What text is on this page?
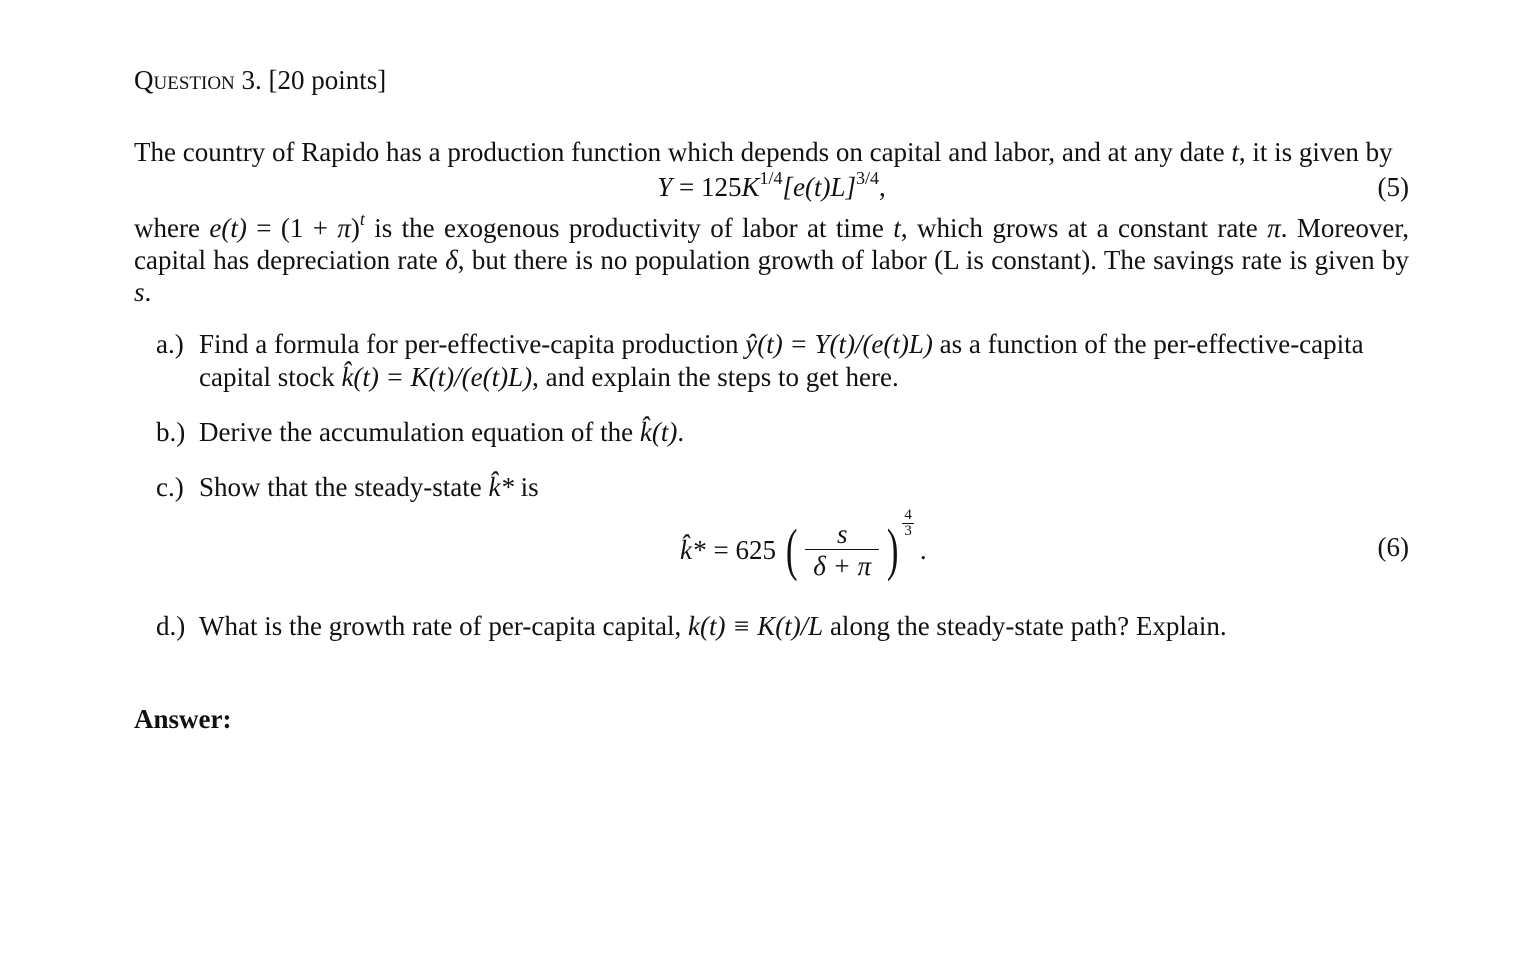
Question 3. [20 points]

The country of Rapido has a production function which depends on capital and labor, and at any date t, it is given by

$Y = 125K^{1/4}[e(t)L]^{3/4}$,	(5)

where $e(t) = (1 + \pi)^t$ is the exogenous productivity of labor at time t, which grows at a constant rate π. Moreover, capital has depreciation rate δ, but there is no population growth of labor (L is constant). The savings rate is given by s.

a.) Find a formula for per-effective-capita production ŷ(t) = Y(t)/(e(t)L) as a function of the per-effective-capita capital stock k̂(t) = K(t)/(e(t)L), and explain the steps to get here.
b.) Derive the accumulation equation of the k̂(t).
c.) Show that the steady-state k̂* is
k̂* = 625 ( $\frac{s}{\delta + \pi}$ ) $\frac{4}{3}$
.	(6)
d.) What is the growth rate of per-capita capital, k(t) ≡ K(t)/L along the steady-state path? Explain.
Answer:
